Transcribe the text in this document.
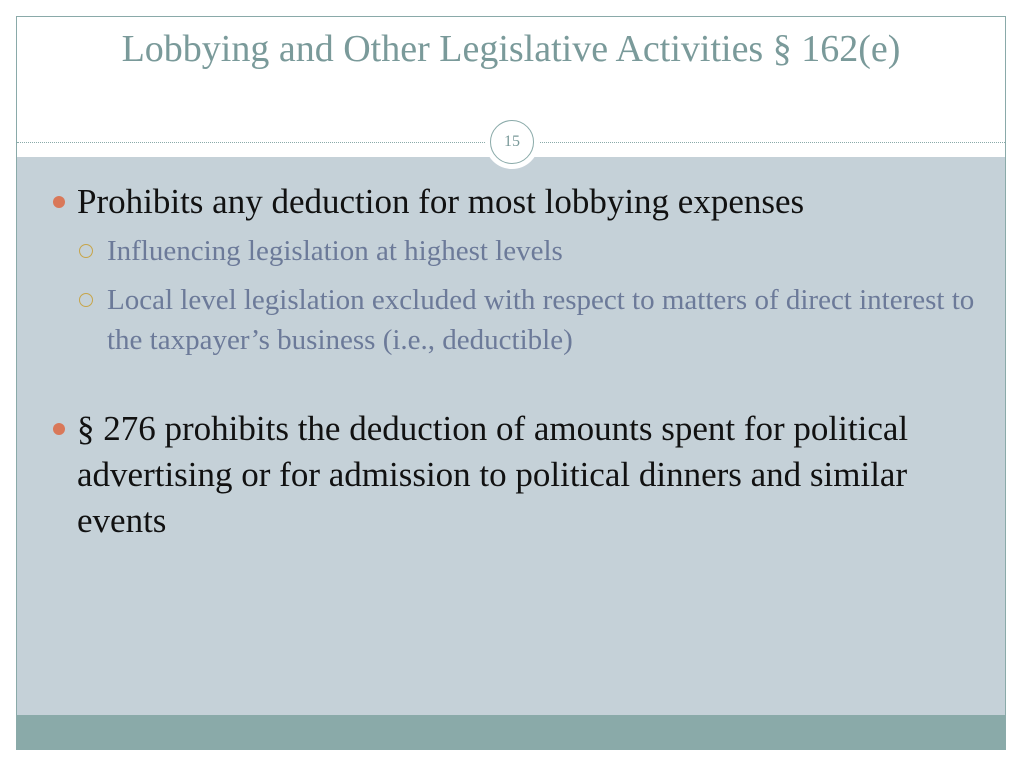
Lobbying and Other Legislative Activities § 162(e)
15
Prohibits any deduction for most lobbying expenses
Influencing legislation at highest levels
Local level legislation excluded with respect to matters of direct interest to the taxpayer’s business (i.e., deductible)
§ 276 prohibits the deduction of amounts spent for political advertising or for admission to political dinners and similar events
